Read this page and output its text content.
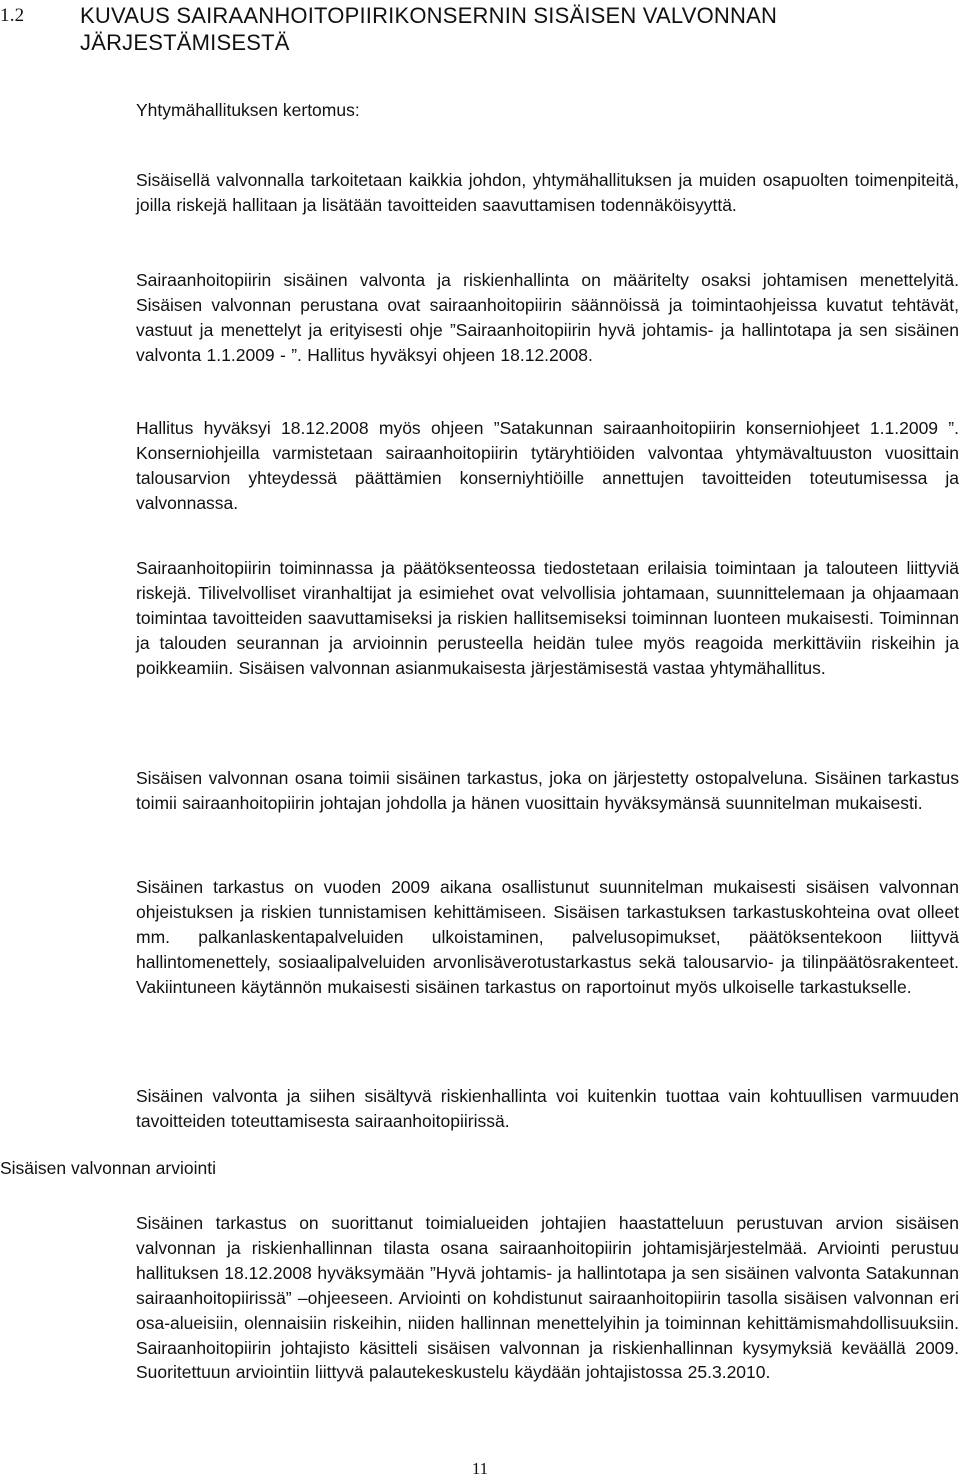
1.2	KUVAUS SAIRAANHOITOPIIRIKONSERNIN SISÄISEN VALVONNAN JÄRJESTÄMISESTÄ
Yhtymähallituksen kertomus:

Sisäisellä valvonnalla tarkoitetaan kaikkia johdon, yhtymähallituksen ja muiden osapuolten toimenpiteitä, joilla riskejä hallitaan ja lisätään tavoitteiden saavuttamisen todennäköisyyttä.

Sairaanhoitopiirin sisäinen valvonta ja riskienhallinta on määritelty osaksi johtamisen menettelyitä. Sisäisen valvonnan perustana ovat sairaanhoitopiirin säännöissä ja toimintaohjeissa kuvatut tehtävät, vastuut ja menettelyt ja erityisesti ohje ”Sairaanhoitopiirin hyvä johtamis- ja hallintotapa ja sen sisäinen valvonta 1.1.2009 - ”. Hallitus hyväksyi ohjeen 18.12.2008.

Hallitus hyväksyi 18.12.2008 myös ohjeen ”Satakunnan sairaanhoitopiirin konserniohjeet 1.1.2009 ”. Konserniohjeilla varmistetaan sairaanhoitopiirin tytäryhtiöiden valvontaa yhtymävaltuuston vuosittain talousarvion yhteydessä päättämien konserniyhtiöille annettujen tavoitteiden toteutumisessa ja valvonnassa.

Sairaanhoitopiirin toiminnassa ja päätöksenteossa tiedostetaan erilaisia toimintaan ja talouteen liittyviä riskejä. Tilivelvolliset viranhaltijat ja esimiehet ovat velvollisia johtamaan, suunnittelemaan ja ohjaamaan toimintaa tavoitteiden saavuttamiseksi ja riskien hallitsemiseksi toiminnan luonteen mukaisesti. Toiminnan ja talouden seurannan ja arvioinnin perusteella heidän tulee myös reagoida merkittäviin riskeihin ja poikkeamiin. Sisäisen valvonnan asianmukaisesta järjestämisestä vastaa yhtymähallitus.

Sisäisen valvonnan osana toimii sisäinen tarkastus, joka on järjestetty ostopalveluna. Sisäinen tarkastus toimii sairaanhoitopiirin johtajan johdolla ja hänen vuosittain hyväksymänsä suunnitelman mukaisesti.

Sisäinen tarkastus on vuoden 2009 aikana osallistunut suunnitelman mukaisesti sisäisen valvonnan ohjeistuksen ja riskien tunnistamisen kehittämiseen. Sisäisen tarkastuksen tarkastuskohteina ovat olleet mm. palkanlaskentapalveluiden ulkoistaminen, palvelusopimukset, päätöksentekoon liittyvä hallintomenettely, sosiaalipalveluiden arvonlisäverotustarkastus sekä talousarvio- ja tilinpäätösrakenteet. Vakiintuneen käytännön mukaisesti sisäinen tarkastus on raportoinut myös ulkoiselle tarkastukselle.

Sisäinen valvonta ja siihen sisältyvä riskienhallinta voi kuitenkin tuottaa vain kohtuullisen varmuuden tavoitteiden toteuttamisesta sairaanhoitopiirissä.

Sisäisen valvonnan arviointi

Sisäinen tarkastus on suorittanut toimialueiden johtajien haastatteluun perustuvan arvion sisäisen valvonnan ja riskienhallinnan tilasta osana sairaanhoitopiirin johtamisjärjestelmää. Arviointi perustuu hallituksen 18.12.2008 hyväksymään ”Hyvä johtamis- ja hallintotapa ja sen sisäinen valvonta Satakunnan sairaanhoitopiirissä” –ohjeeseen. Arviointi on kohdistunut sairaanhoitopiirin tasolla sisäisen valvonnan eri osa-alueisiin, olennaisiin riskeihin, niiden hallinnan menettelyihin ja toiminnan kehittämismahdollisuuksiin. Sairaanhoitopiirin johtajisto käsitteli sisäisen valvonnan ja riskienhallinnan kysymyksiä keväällä 2009. Suoritettuun arviointiin liittyvä palautekeskustelu käydään johtajistossa 25.3.2010.

11
